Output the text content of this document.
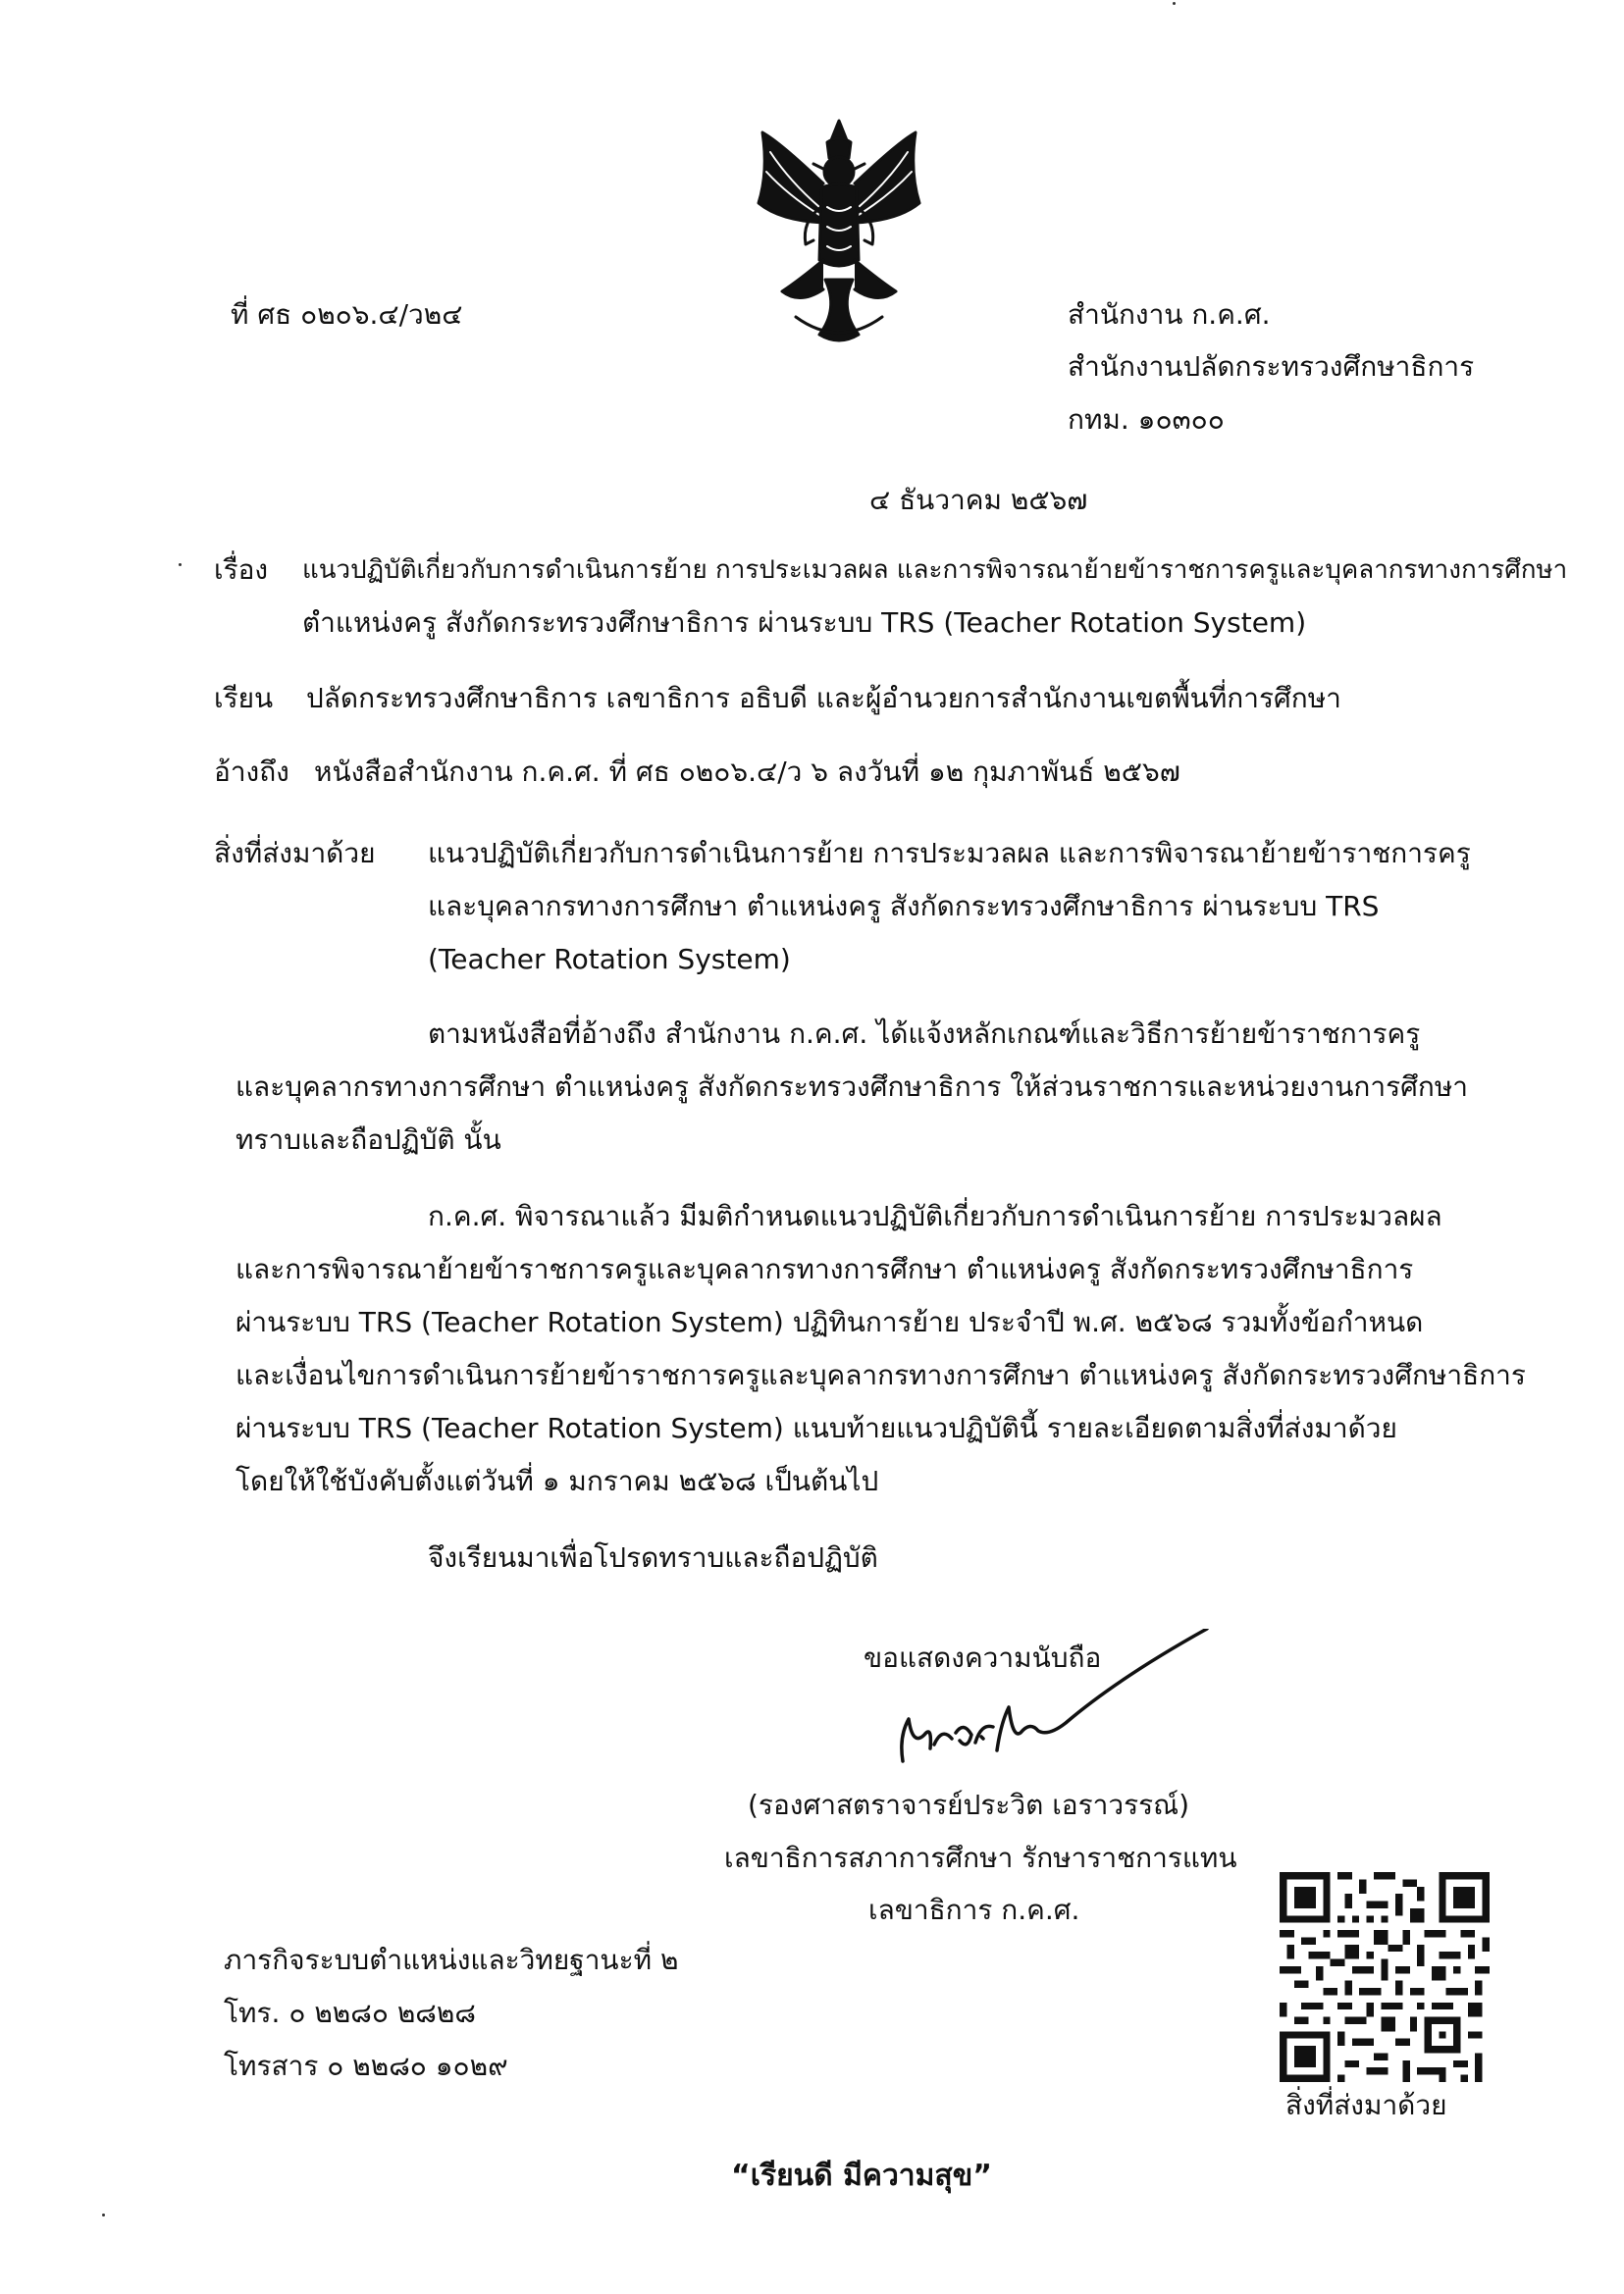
ที่ ศธ ๐๒๐๖.๔/ว๒๔	สำนักงาน ก.ค.ศ.
สำนักงานปลัดกระทรวงศึกษาธิการ
กทม. ๑๐๓๐๐
๔ ธันวาคม ๒๕๖๗
เรื่อง แนวปฏิบัติเกี่ยวกับการดำเนินการย้าย การประเมวลผล และการพิจารณาย้ายข้าราชการครูและบุคลากรทางการศึกษา
ตำแหน่งครู สังกัดกระทรวงศึกษาธิการ ผ่านระบบ TRS (Teacher Rotation System)
เรียน ปลัดกระทรวงศึกษาธิการ เลขาธิการ อธิบดี และผู้อำนวยการสำนักงานเขตพื้นที่การศึกษา
อ้างถึง หนังสือสำนักงาน ก.ค.ศ. ที่ ศธ ๐๒๐๖.๔/ว ๖ ลงวันที่ ๑๒ กุมภาพันธ์ ๒๕๖๗
สิ่งที่ส่งมาด้วย แนวปฏิบัติเกี่ยวกับการดำเนินการย้าย การประมวลผล และการพิจารณาย้ายข้าราชการครู
และบุคลากรทางการศึกษา ตำแหน่งครู สังกัดกระทรวงศึกษาธิการ ผ่านระบบ TRS
(Teacher Rotation System)
ตามหนังสือที่อ้างถึง สำนักงาน ก.ค.ศ. ได้แจ้งหลักเกณฑ์และวิธีการย้ายข้าราชการครู
และบุคลากรทางการศึกษา ตำแหน่งครู สังกัดกระทรวงศึกษาธิการ ให้ส่วนราชการและหน่วยงานการศึกษา
ทราบและถือปฏิบัติ นั้น
ก.ค.ศ. พิจารณาแล้ว มีมติกำหนดแนวปฏิบัติเกี่ยวกับการดำเนินการย้าย การประมวลผล
และการพิจารณาย้ายข้าราชการครูและบุคลากรทางการศึกษา ตำแหน่งครู สังกัดกระทรวงศึกษาธิการ
ผ่านระบบ TRS (Teacher Rotation System) ปฏิทินการย้าย ประจำปี พ.ศ. ๒๕๖๘ รวมทั้งข้อกำหนด
และเงื่อนไขการดำเนินการย้ายข้าราชการครูและบุคลากรทางการศึกษา ตำแหน่งครู สังกัดกระทรวงศึกษาธิการ
ผ่านระบบ TRS (Teacher Rotation System) แนบท้ายแนวปฏิบัตินี้ รายละเอียดตามสิ่งที่ส่งมาด้วย
โดยให้ใช้บังคับตั้งแต่วันที่ ๑ มกราคม ๒๕๖๘ เป็นต้นไป
จึงเรียนมาเพื่อโปรดทราบและถือปฏิบัติ
ขอแสดงความนับถือ
(รองศาสตราจารย์ประวิต เอราวรรณ์)
เลขาธิการสภาการศึกษา รักษาราชการแทน
เลขาธิการ ก.ค.ศ.
ภารกิจระบบตำแหน่งและวิทยฐานะที่ ๒
โทร. ๐ ๒๒๘๐ ๒๘๒๘
โทรสาร ๐ ๒๒๘๐ ๑๐๒๙
สิ่งที่ส่งมาด้วย
“เรียนดี มีความสุข”
